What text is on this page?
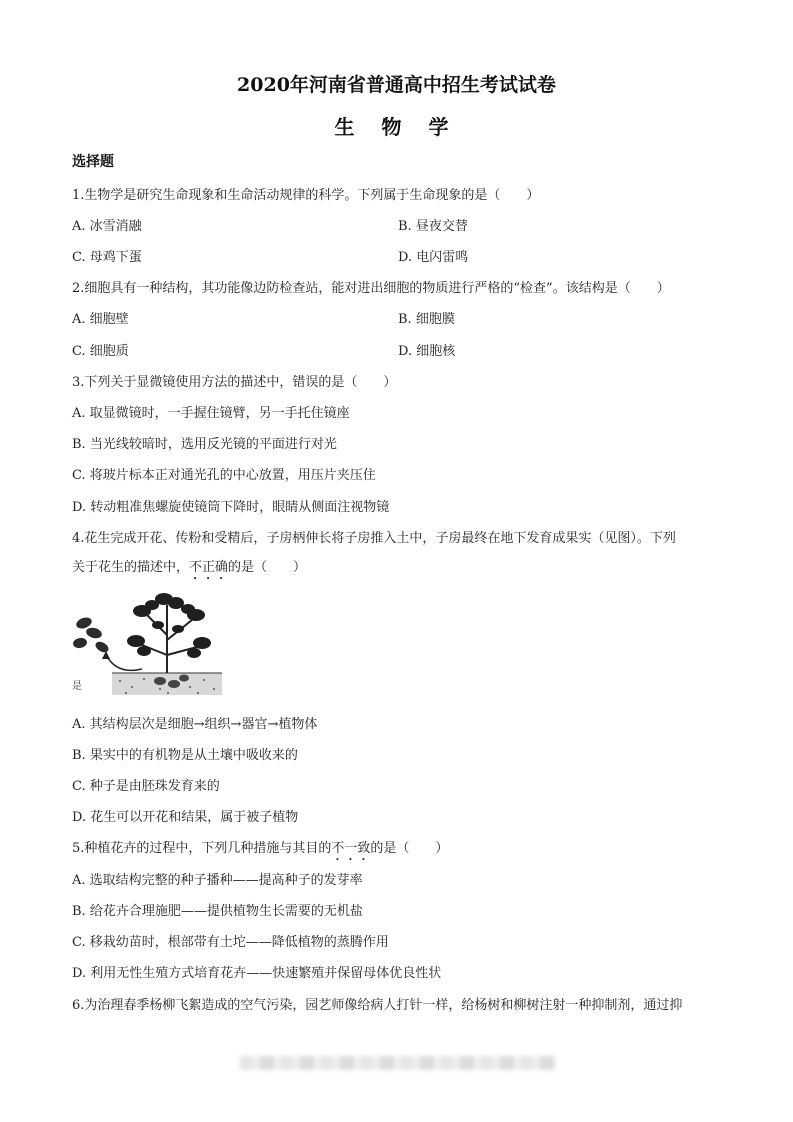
2020年河南省普通高中招生考试试卷
生 物 学
选择题
1.生物学是研究生命现象和生命活动规律的科学。下列属于生命现象的是（　　）
A. 冰雪消融	B. 昼夜交替
C. 母鸡下蛋	D. 电闪雷鸣
2.细胞具有一种结构，其功能像边防检查站，能对进出细胞的物质进行严格的“检查”。该结构是（　　）
A. 细胞壁	B. 细胞膜
C. 细胞质	D. 细胞核
3.下列关于显微镜使用方法的描述中，错误的是（　　）
A. 取显微镜时，一手握住镜臂，另一手托住镜座
B. 当光线较暗时，选用反光镜的平面进行对光
C. 将玻片标本正对通光孔的中心放置，用压片夹压住
D. 转动粗准焦螺旋使镜筒下降时，眼睛从侧面注视物镜
4.花生完成开花、传粉和受精后，子房柄伸长将子房推入土中，子房最终在地下发育成果实（见图）。下列
关于花生的描述中，不正确的是（　　）
是
A. 其结构层次是细胞→组织→器官→植物体
B. 果实中的有机物是从土壤中吸收来的
C. 种子是由胚珠发育来的
D. 花生可以开花和结果，属于被子植物
5.种植花卉的过程中，下列几种措施与其目的不一致的是（　　）
A. 选取结构完整的种子播种——提高种子的发芽率
B. 给花卉合理施肥——提供植物生长需要的无机盐
C. 移栽幼苗时，根部带有土坨——降低植物的蒸腾作用
D. 利用无性生殖方式培育花卉——快速繁殖并保留母体优良性状
6.为治理春季杨柳飞絮造成的空气污染，园艺师像给病人打针一样，给杨树和柳树注射一种抑制剂，通过抑
